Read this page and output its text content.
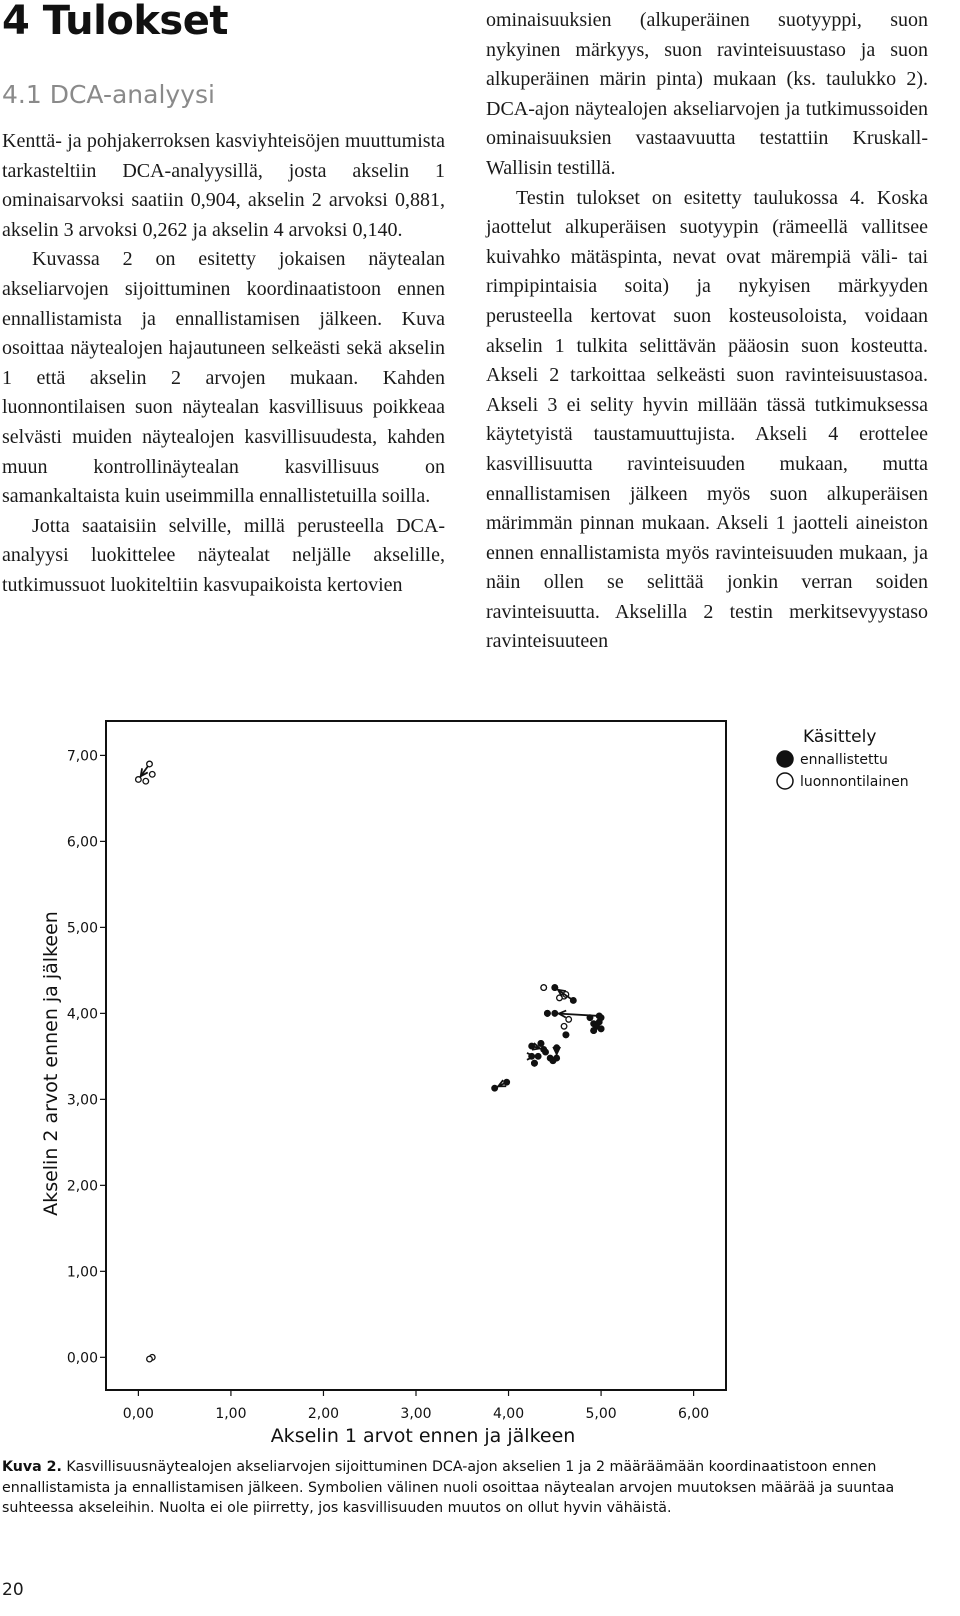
4 Tulokset
4.1 DCA-analyysi

Kenttä- ja pohjakerroksen kasviyhteisöjen muuttumista tarkasteltiin DCA-analyysillä, josta akselin 1 ominaisarvoksi saatiin 0,904, akselin 2 arvoksi 0,881, akselin 3 arvoksi 0,262 ja akselin 4 arvoksi 0,140.

Kuvassa 2 on esitetty jokaisen näytealan akseliarvojen sijoittuminen koordinaatistoon ennen ennallistamista ja ennallistamisen jälkeen. Kuva osoittaa näytealojen hajautuneen selkeästi sekä akselin 1 että akselin 2 arvojen mukaan. Kahden luonnontilaisen suon näytealan kasvillisuus poikkeaa selvästi muiden näytealojen kasvillisuudesta, kahden muun kontrollinäytealan kasvillisuus on samankaltaista kuin useimmilla ennallistetuilla soilla.

Jotta saataisiin selville, millä perusteella DCA-analyysi luokittelee näytealat neljälle akselille, tutkimussuot luokiteltiin kasvupaikoista kertovien

ominaisuuksien (alkuperäinen suotyyppi, suon nykyinen märkyys, suon ravinteisuustaso ja suon alkuperäinen märin pinta) mukaan (ks. taulukko 2). DCA-ajon näytealojen akseliarvojen ja tutkimussoiden ominaisuuksien vastaavuutta testattiin Kruskall-Wallisin testillä.

Testin tulokset on esitetty taulukossa 4. Koska jaottelut alkuperäisen suotyypin (rämeellä vallitsee kuivahko mätäspinta, nevat ovat märempiä väli- tai rimpipintaisia soita) ja nykyisen märkyyden perusteella kertovat suon kosteusoloista, voidaan akselin 1 tulkita selittävän pääosin suon kosteutta. Akseli 2 tarkoittaa selkeästi suon ravinteisuustasoa. Akseli 3 ei selity hyvin millään tässä tutkimuksessa käytetyistä taustamuuttujista. Akseli 4 erottelee kasvillisuutta ravinteisuuden mukaan, mutta ennallistamisen jälkeen myös suon alkuperäisen märimmän pinnan mukaan. Akseli 1 jaotteli aineiston ennen ennallistamista myös ravinteisuuden mukaan, ja näin ollen se selittää jonkin verran soiden ravinteisuutta. Akselilla 2 testin merkitsevyystaso ravinteisuuteen

0,00	1,00	2,00	3,00	4,00	5,00	6,00
0,00
1,00
2,00
3,00
4,00
5,00
6,00
7,00
Akselin 1 arvot ennen ja jälkeen
Akselin 2 arvot ennen ja jälkeen
Käsittely
ennallistettu
luonnontilainen

Kuva 2. Kasvillisuusnäytealojen akseliarvojen sijoittuminen DCA-ajon akselien 1 ja 2 määräämään koordinaatistoon ennen ennallistamista ja ennallistamisen jälkeen. Symbolien välinen nuoli osoittaa näytealan arvojen muutoksen määrää ja suuntaa suhteessa akseleihin. Nuolta ei ole piirretty, jos kasvillisuuden muutos on ollut hyvin vähäistä.

20
